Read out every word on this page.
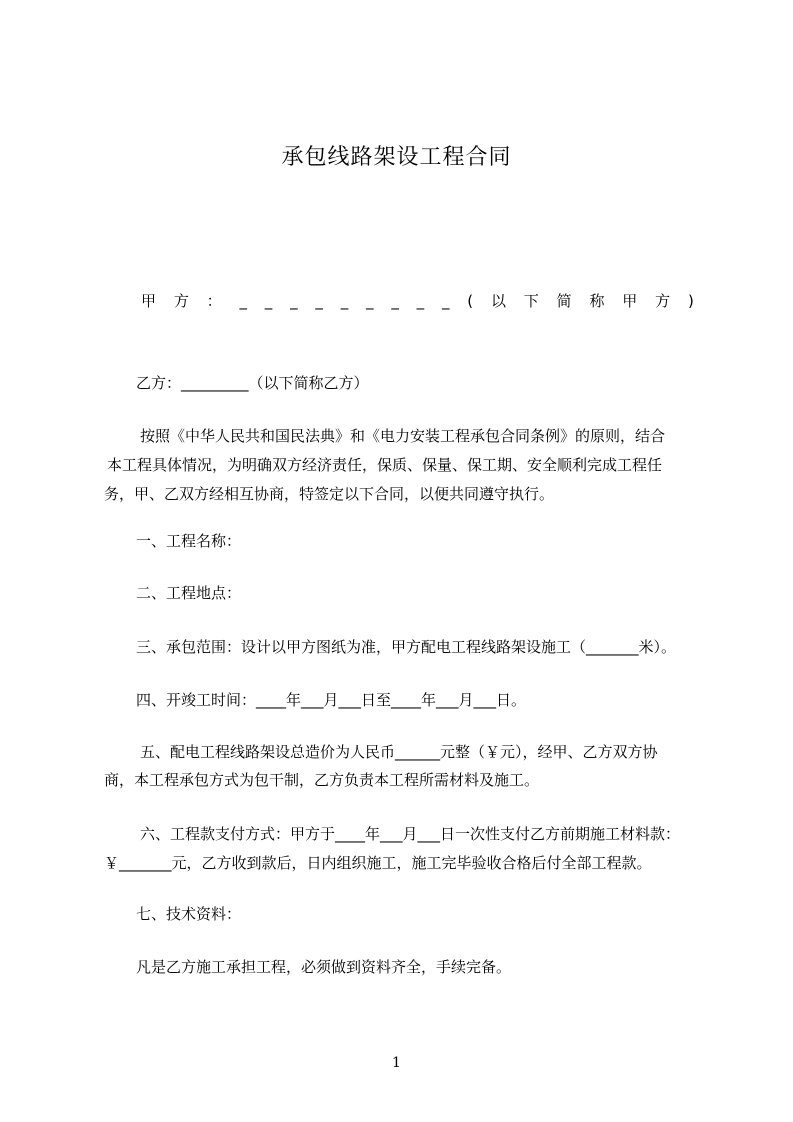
承包线路架设工程合同
甲 方 ： _ _ _ _ _ _ _ _ _ ( 以 下 简 称 甲 方 )
乙方：_________（以下简称乙方）
按照《中华人民共和国民法典》和《电力安装工程承包合同条例》的原则，结合
本工程具体情况，为明确双方经济责任，保质、保量、保工期、安全顺利完成工程任
务，甲、乙双方经相互协商，特签定以下合同，以便共同遵守执行。
一、工程名称：
二、工程地点：
三、承包范围：设计以甲方图纸为准，甲方配电工程线路架设施工（_______米）。
四、开竣工时间：____年___月___日至____年___月___日。
五、配电工程线路架设总造价为人民币______元整（￥元），经甲、乙方双方协
商，本工程承包方式为包干制，乙方负责本工程所需材料及施工。
六、工程款支付方式：甲方于____年___月___日一次性支付乙方前期施工材料款：
￥_______元，乙方收到款后，日内组织施工，施工完毕验收合格后付全部工程款。
七、技术资料：
凡是乙方施工承担工程，必须做到资料齐全，手续完备。
1
